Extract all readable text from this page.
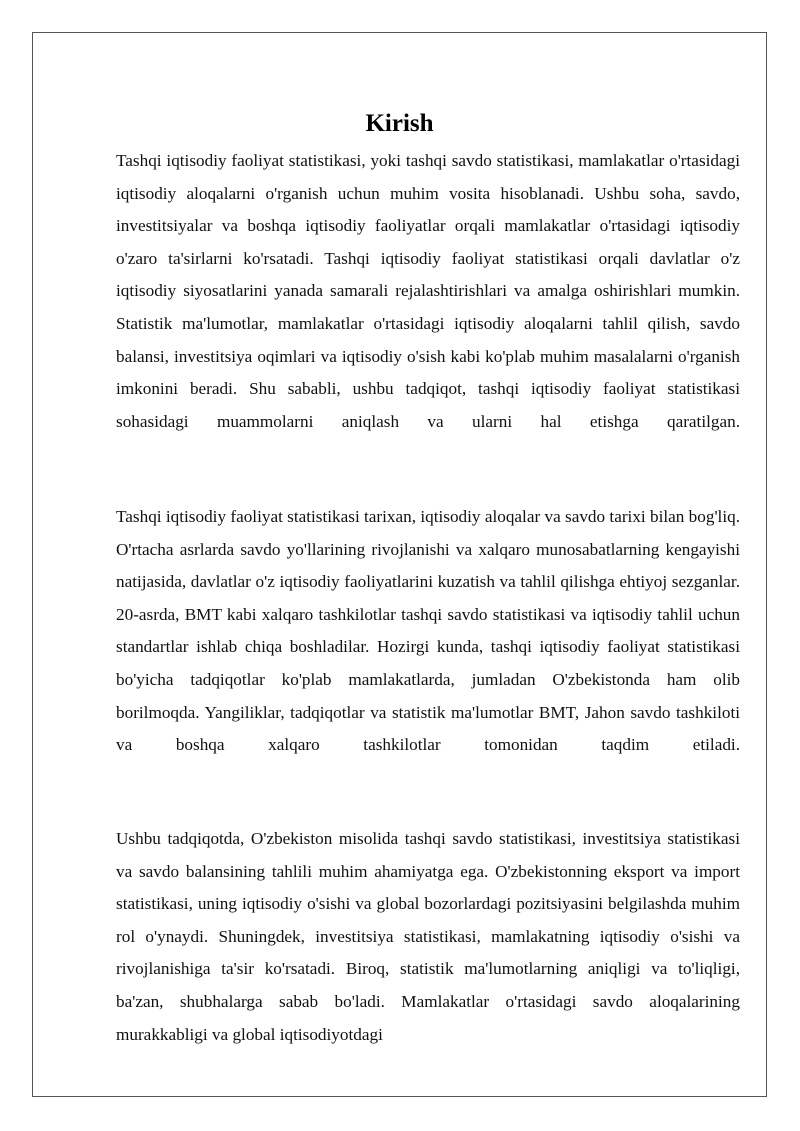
Kirish

Tashqi iqtisodiy faoliyat statistikasi, yoki tashqi savdo statistikasi, mamlakatlar o'rtasidagi iqtisodiy aloqalarni o'rganish uchun muhim vosita hisoblanadi. Ushbu soha, savdo, investitsiyalar va boshqa iqtisodiy faoliyatlar orqali mamlakatlar o'rtasidagi iqtisodiy o'zaro ta'sirlarni ko'rsatadi. Tashqi iqtisodiy faoliyat statistikasi orqali davlatlar o'z iqtisodiy siyosatlarini yanada samarali rejalashtirishlari va amalga oshirishlari mumkin. Statistik ma'lumotlar, mamlakatlar o'rtasidagi iqtisodiy aloqalarni tahlil qilish, savdo balansi, investitsiya oqimlari va iqtisodiy o'sish kabi ko'plab muhim masalalarni o'rganish imkonini beradi. Shu sababli, ushbu tadqiqot, tashqi iqtisodiy faoliyat statistikasi sohasidagi muammolarni aniqlash va ularni hal etishga qaratilgan.

Tashqi iqtisodiy faoliyat statistikasi tarixan, iqtisodiy aloqalar va savdo tarixi bilan bog'liq. O'rtacha asrlarda savdo yo'llarining rivojlanishi va xalqaro munosabatlarning kengayishi natijasida, davlatlar o'z iqtisodiy faoliyatlarini kuzatish va tahlil qilishga ehtiyoj sezganlar. 20-asrda, BMT kabi xalqaro tashkilotlar tashqi savdo statistikasi va iqtisodiy tahlil uchun standartlar ishlab chiqa boshladilar. Hozirgi kunda, tashqi iqtisodiy faoliyat statistikasi bo'yicha tadqiqotlar ko'plab mamlakatlarda, jumladan O'zbekistonda ham olib borilmoqda. Yangiliklar, tadqiqotlar va statistik ma'lumotlar BMT, Jahon savdo tashkiloti va boshqa xalqaro tashkilotlar tomonidan taqdim etiladi.

Ushbu tadqiqotda, O'zbekiston misolida tashqi savdo statistikasi, investitsiya statistikasi va savdo balansining tahlili muhim ahamiyatga ega. O'zbekistonning eksport va import statistikasi, uning iqtisodiy o'sishi va global bozorlardagi pozitsiyasini belgilashda muhim rol o'ynaydi. Shuningdek, investitsiya statistikasi, mamlakatning iqtisodiy o'sishi va rivojlanishiga ta'sir ko'rsatadi. Biroq, statistik ma'lumotlarning aniqligi va to'liqligi, ba'zan, shubhalarga sabab bo'ladi. Mamlakatlar o'rtasidagi savdo aloqalarining murakkabligi va global iqtisodiyotdagi
